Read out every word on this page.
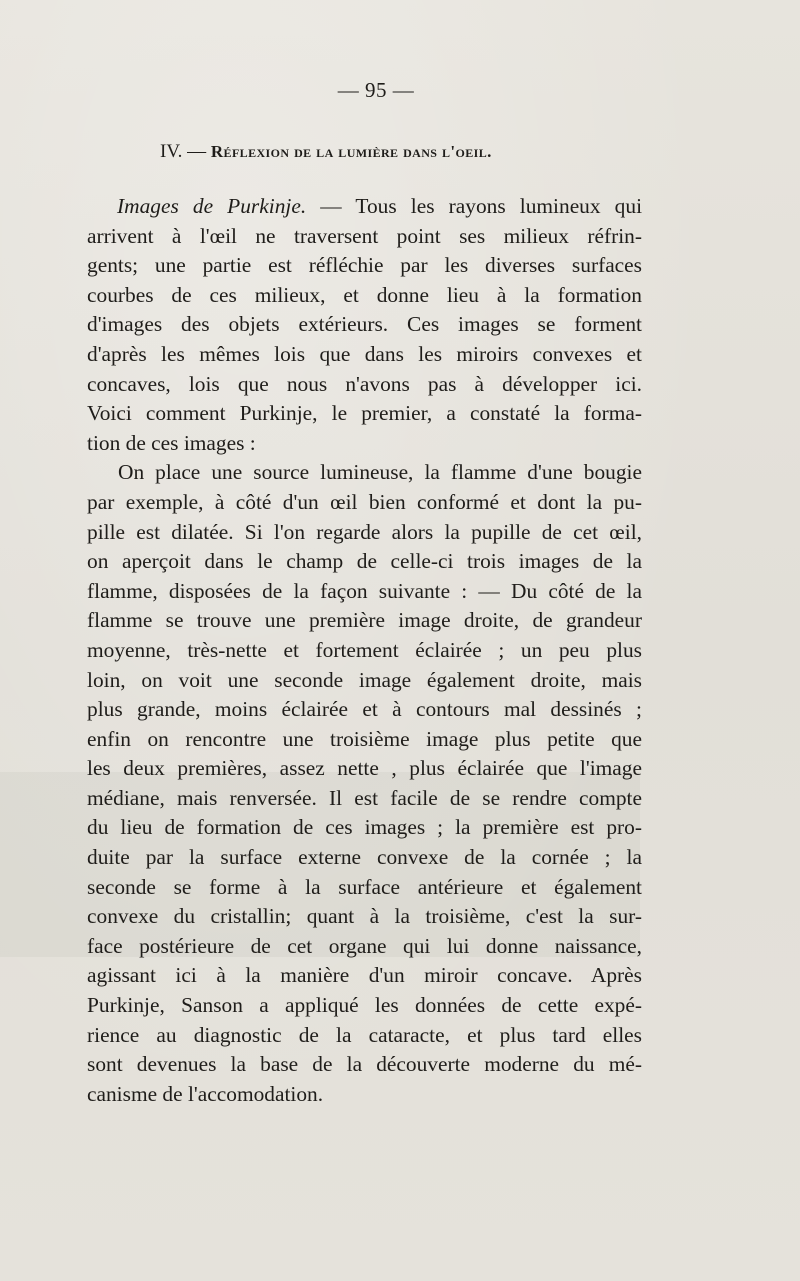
— 95 —
IV. — Réflexion de la lumière dans l'oeil.
Images de Purkinje. — Tous les rayons lumineux qui
arrivent à l'œil ne traversent point ses milieux réfrin-
gents; une partie est réfléchie par les diverses surfaces
courbes de ces milieux, et donne lieu à la formation
d'images des objets extérieurs. Ces images se forment
d'après les mêmes lois que dans les miroirs convexes et
concaves, lois que nous n'avons pas à développer ici.
Voici comment Purkinje, le premier, a constaté la forma-
tion de ces images :
On place une source lumineuse, la flamme d'une bougie
par exemple, à côté d'un œil bien conformé et dont la pu-
pille est dilatée. Si l'on regarde alors la pupille de cet œil,
on aperçoit dans le champ de celle-ci trois images de la
flamme, disposées de la façon suivante : — Du côté de la
flamme se trouve une première image droite, de grandeur
moyenne, très-nette et fortement éclairée ; un peu plus
loin, on voit une seconde image également droite, mais
plus grande, moins éclairée et à contours mal dessinés ;
enfin on rencontre une troisième image plus petite que
les deux premières, assez nette , plus éclairée que l'image
médiane, mais renversée. Il est facile de se rendre compte
du lieu de formation de ces images ; la première est pro-
duite par la surface externe convexe de la cornée ; la
seconde se forme à la surface antérieure et également
convexe du cristallin; quant à la troisième, c'est la sur-
face postérieure de cet organe qui lui donne naissance,
agissant ici à la manière d'un miroir concave. Après
Purkinje, Sanson a appliqué les données de cette expé-
rience au diagnostic de la cataracte, et plus tard elles
sont devenues la base de la découverte moderne du mé-
canisme de l'accomodation.
